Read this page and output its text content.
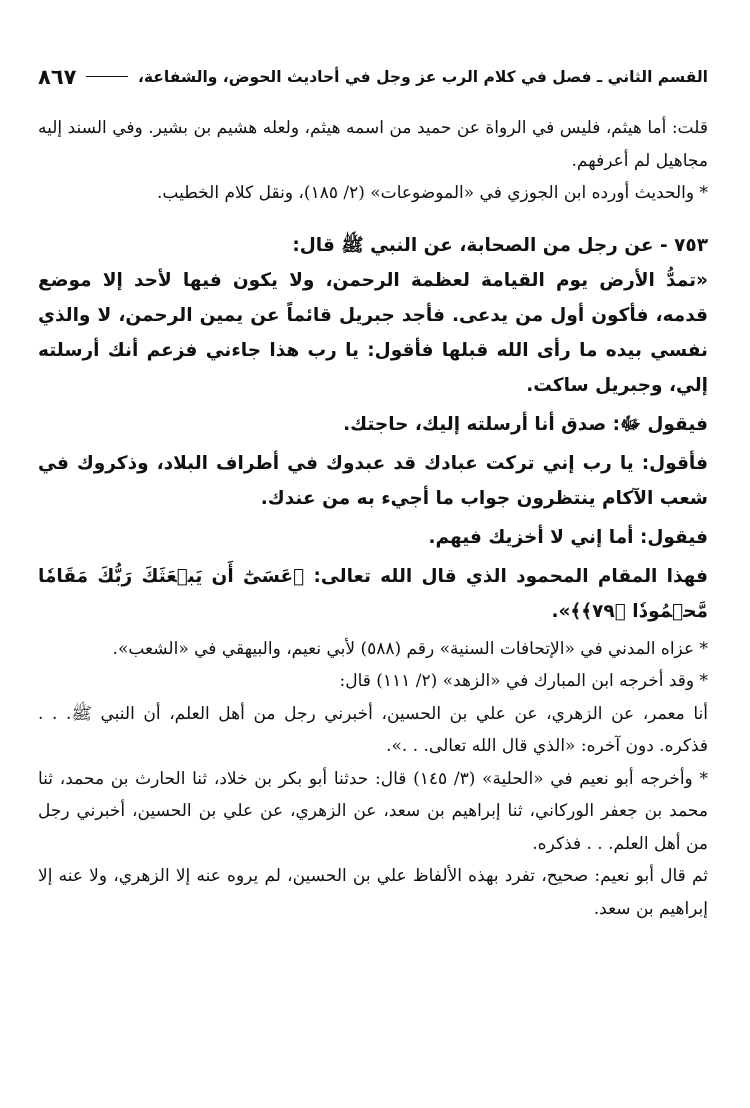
القسم الثاني ـ فصل في كلام الرب عز وجل في أحاديث الحوض، والشفاعة،
٨٦٧

قلت: أما هيثم، فليس في الرواة عن حميد من اسمه هيثم، ولعله هشيم بن بشير. وفي السند إليه مجاهيل لم أعرفهم.

* والحديث أورده ابن الجوزي في «الموضوعات» (٢/ ١٨٥)، ونقل كلام الخطيب.

٧٥٣ - عن رجل من الصحابة، عن النبي ﷺ قال:

«تمدُّ الأرض يوم القيامة لعظمة الرحمن، ولا يكون فيها لأحد إلا موضع قدمه، فأكون أول من يدعى. فأجد جبريل قائماً عن يمين الرحمن، لا والذي نفسي بيده ما رأى الله قبلها فأقول: يا رب هذا جاءني فزعم أنك أرسلته إلي، وجبريل ساكت.

فيقول ﷻ: صدق أنا أرسلته إليك، حاجتك.

فأقول: يا رب إني تركت عبادك قد عبدوك في أطراف البلاد، وذكروك في شعب الآكام ينتظرون جواب ما أجيء به من عندك.

فيقول: أما إني لا أخزيك فيهم.

فهذا المقام المحمود الذي قال الله تعالى: ﴿عَسَىٰٓ أَن يَبۡعَثَكَ رَبُّكَ مَقَامٗا مَّحۡمُودٗا ﴿٧٩﴾﴾».

* عزاه المدني في «الإتحافات السنية» رقم (٥٨٨) لأبي نعيم، والبيهقي في «الشعب».

* وقد أخرجه ابن المبارك في «الزهد» (٢/ ١١١) قال:

أنا معمر، عن الزهري، عن علي بن الحسين، أخبرني رجل من أهل العلم، أن النبي ﷺ. . . فذكره. دون آخره: «الذي قال الله تعالى. . .».

* وأخرجه أبو نعيم في «الحلية» (٣/ ١٤٥) قال: حدثنا أبو بكر بن خلاد، ثنا الحارث بن محمد، ثنا محمد بن جعفر الوركاني، ثنا إبراهيم بن سعد، عن الزهري، عن علي بن الحسين، أخبرني رجل من أهل العلم. . . فذكره.

ثم قال أبو نعيم: صحيح، تفرد بهذه الألفاظ علي بن الحسين، لم يروه عنه إلا الزهري، ولا عنه إلا إبراهيم بن سعد.
